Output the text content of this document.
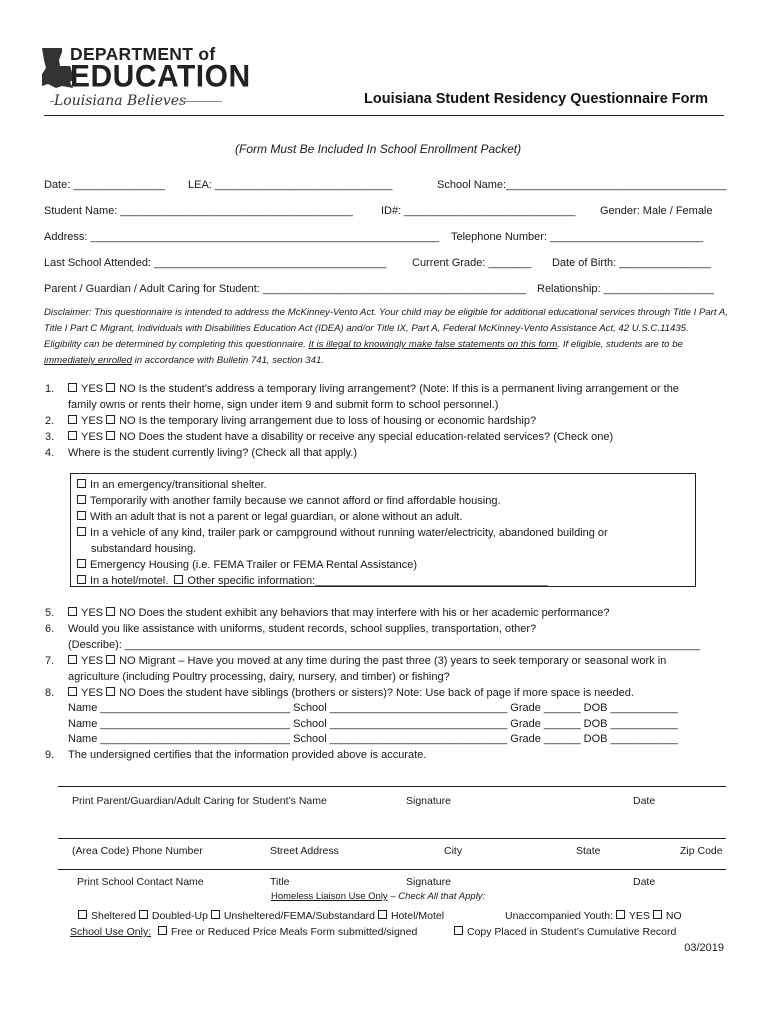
DEPARTMENT of
EDUCATION
Louisiana Believes	Louisiana Student Residency Questionnaire Form
(Form Must Be Included In School Enrollment Packet)
Date: _______________ LEA: _____________________________	School Name:____________________________________
Student Name: ______________________________________	ID#: ____________________________ Gender: Male / Female
Address: _________________________________________________________ Telephone Number: _________________________
Last School Attended: ______________________________________ Current Grade: _______ Date of Birth: _______________
Parent / Guardian / Adult Caring for Student: ___________________________________________ Relationship: __________________
Disclaimer: This questionnaire is intended to address the McKinney-Vento Act. Your child may be eligible for additional educational services through Title I Part A, Title I Part C Migrant, Individuals with Disabilities Education Act (IDEA) and/or Title IX, Part A, Federal McKinney-Vento Assistance Act, 42 U.S.C.11435. Eligibility can be determined by completing this questionnaire. It is illegal to knowingly make false statements on this form. If eligible, students are to be immediately enrolled in accordance with Bulletin 741, section 341.
1.	YES NO Is the student’s address a temporary living arrangement? (Note: If this is a permanent living arrangement or the
family owns or rents their home, sign under item 9 and submit form to school personnel.)
2.	YES NO Is the temporary living arrangement due to loss of housing or economic hardship?
3.	YES NO Does the student have a disability or receive any special education-related services? (Check one)
4. Where is the student currently living? (Check all that apply.)
In an emergency/transitional shelter.
Temporarily with another family because we cannot afford or find affordable housing.
With an adult that is not a parent or legal guardian, or alone without an adult.
In a vehicle of any kind, trailer park or campground without running water/electricity, abandoned building or
substandard housing.
Emergency Housing (i.e. FEMA Trailer or FEMA Rental Assistance)
In a hotel/motel. Other specific information:______________________________________
5.	YES NO Does the student exhibit any behaviors that may interfere with his or her academic performance?
6. Would you like assistance with uniforms, student records, school supplies, transportation, other?
(Describe): ______________________________________________________________________________________________
7.	YES NO Migrant – Have you moved at any time during the past three (3) years to seek temporary or seasonal work in
agriculture (including Poultry processing, dairy, nursery, and timber) or fishing?
8.	YES NO Does the student have siblings (brothers or sisters)? Note: Use back of page if more space is needed.
Name _______________________________ School _____________________________ Grade ______ DOB ___________
Name _______________________________ School _____________________________ Grade ______ DOB ___________
Name _______________________________ School _____________________________ Grade ______ DOB ___________
9. The undersigned certifies that the information provided above is accurate.
Print Parent/Guardian/Adult Caring for Student’s Name	Signature	Date
(Area Code) Phone Number	Street Address	City	State	Zip Code
Print School Contact Name	Title	Signature	Date
Homeless Liaison Use Only – Check All that Apply:
Sheltered Doubled-Up Unsheltered/FEMA/Substandard Hotel/Motel	Unaccompanied Youth: YES NO
School Use Only: Free or Reduced Price Meals Form submitted/signed	Copy Placed in Student’s Cumulative Record
03/2019
